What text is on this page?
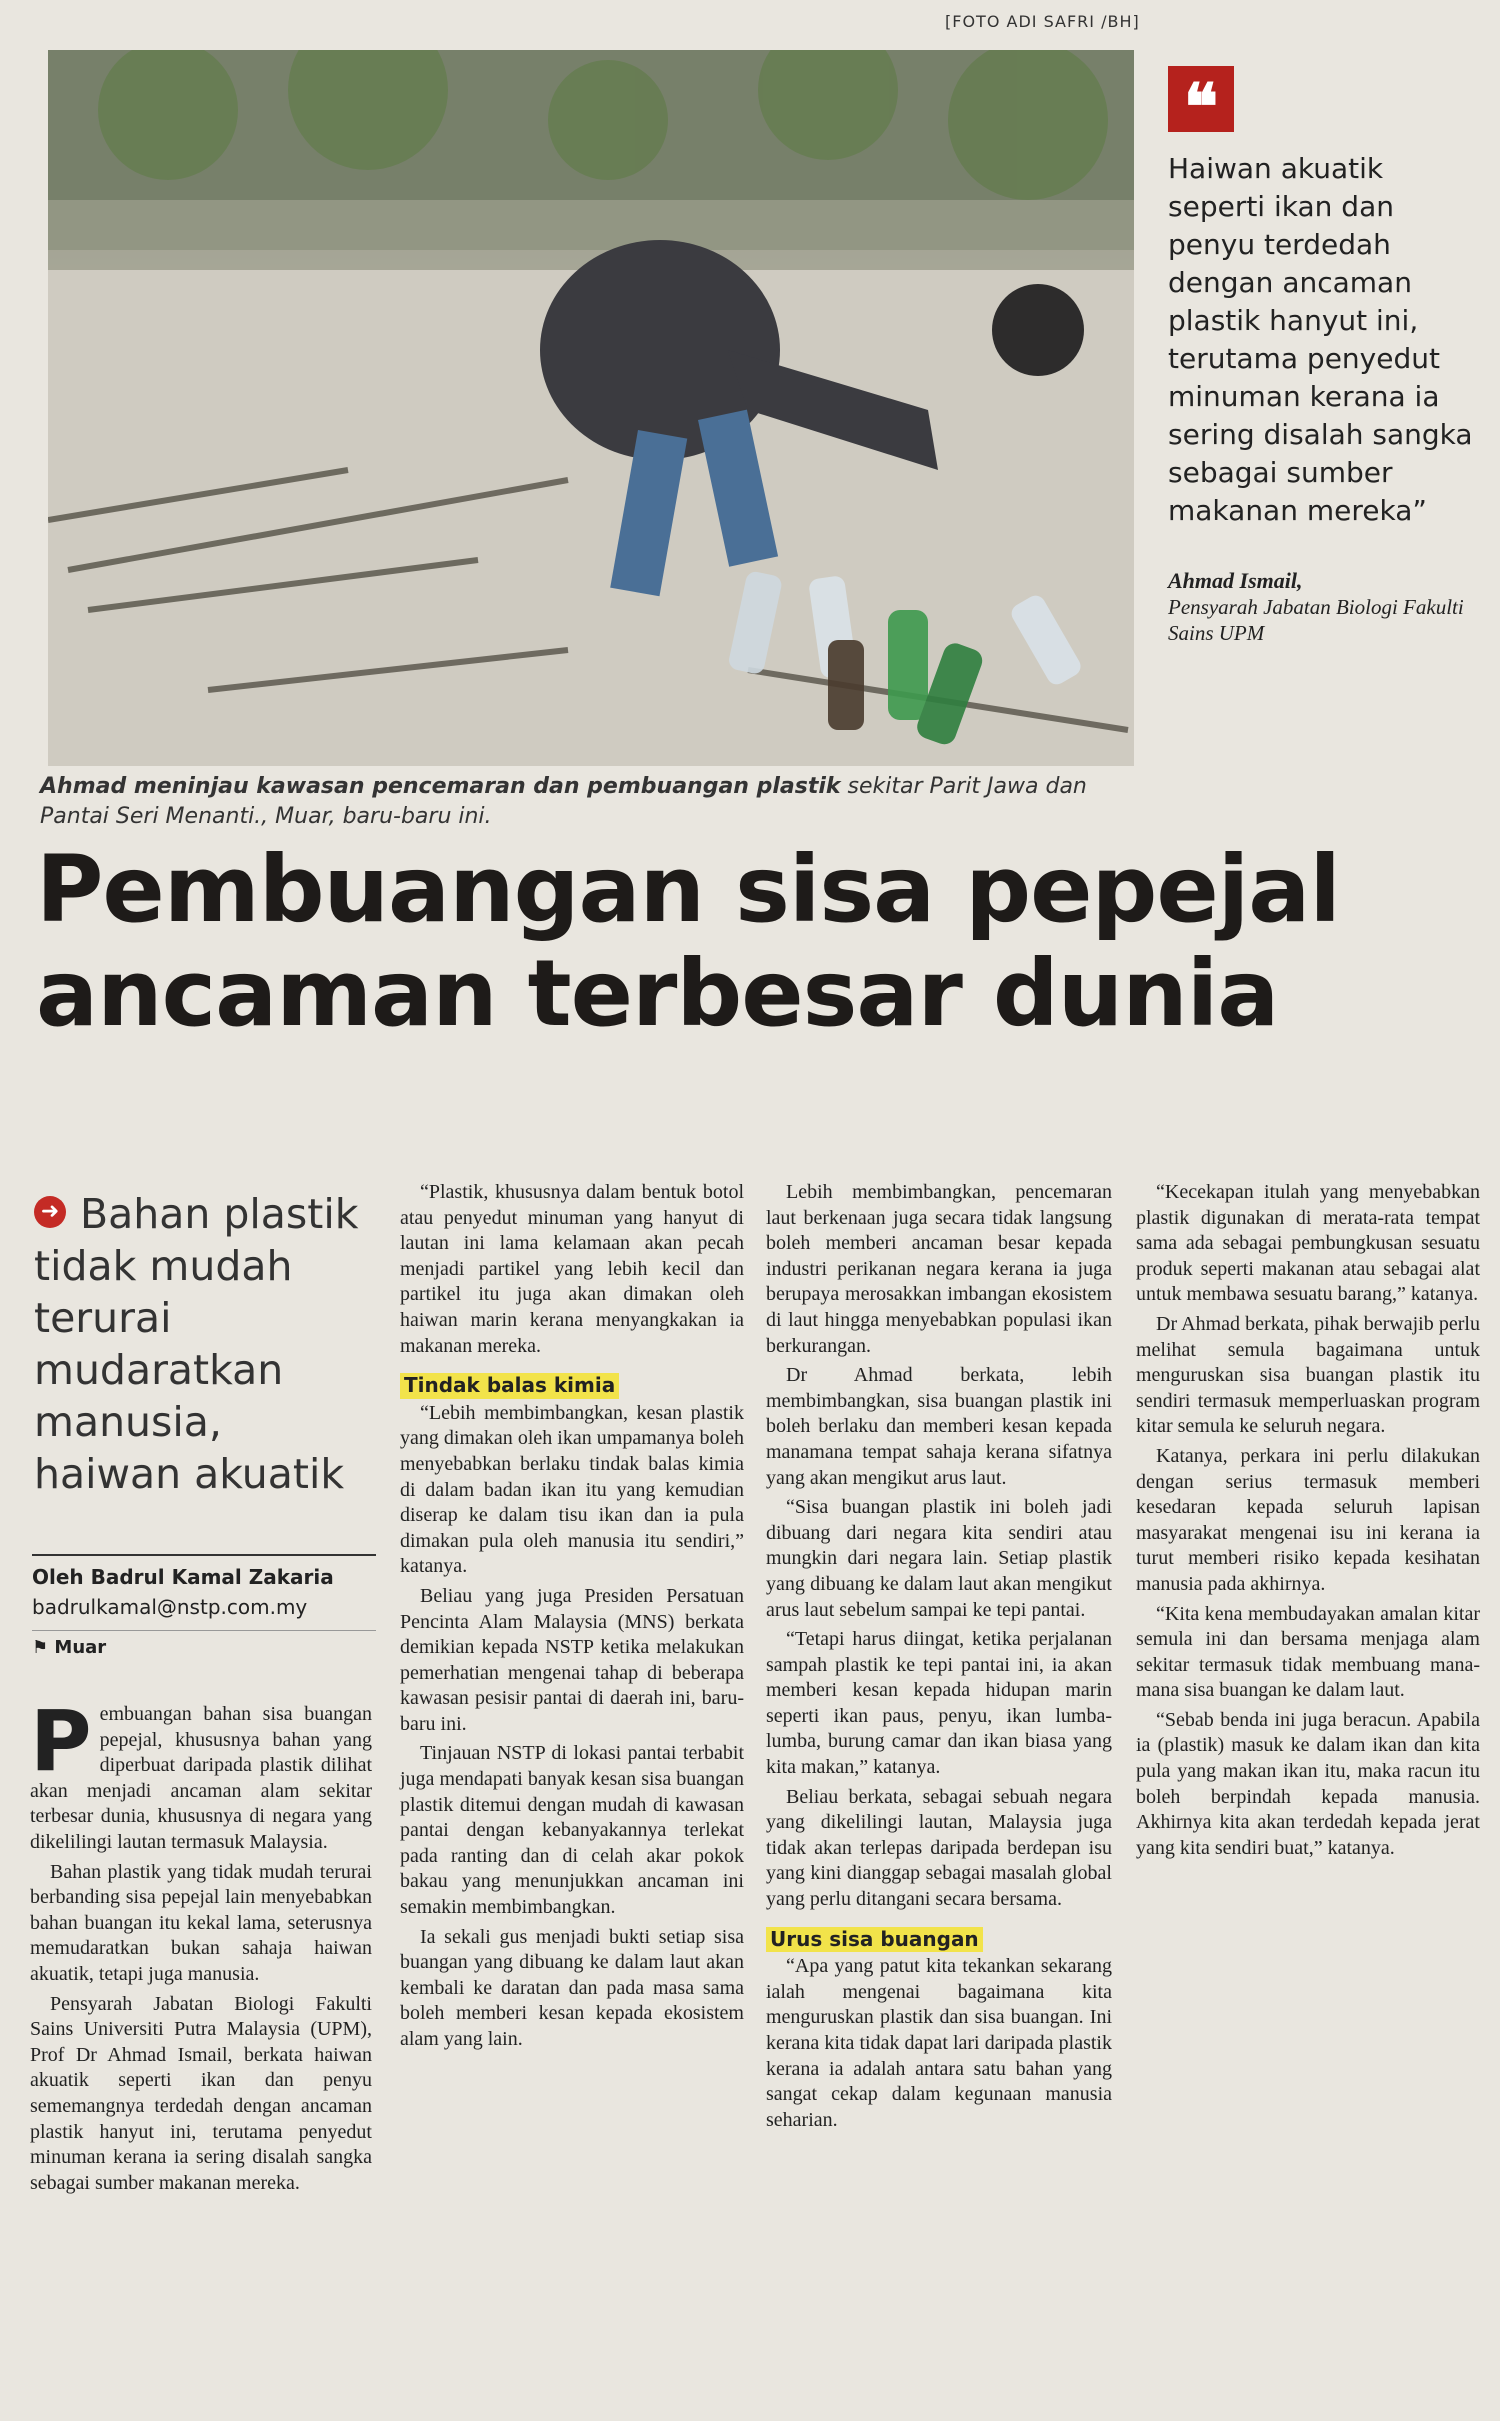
[FOTO ADI SAFRI /BH]
Ahmad meninjau kawasan pencemaran dan pembuangan plastik sekitar Parit Jawa dan Pantai Seri Menanti., Muar, baru-baru ini.
❝
Haiwan akuatik seperti ikan dan penyu terdedah dengan ancaman plastik hanyut ini, terutama penyedut minuman kerana ia sering disalah sangka sebagai sumber makanan mereka”
Ahmad Ismail,
Pensyarah Jabatan Biologi Fakulti Sains UPM
Pembuangan sisa pepejal ancaman terbesar dunia
➜ Bahan plastik tidak mudah terurai mudaratkan manusia, haiwan akuatik
Oleh Badrul Kamal Zakaria
badrulkamal@nstp.com.my
⚑ Muar

Pembuangan bahan sisa buangan pepejal, khususnya bahan yang diperbuat daripada plastik dilihat akan menjadi ancaman alam sekitar terbesar dunia, khususnya di negara yang dikelilingi lautan termasuk Malaysia.

Bahan plastik yang tidak mudah terurai berbanding sisa pepejal lain menyebabkan bahan buangan itu kekal lama, seterusnya memudaratkan bukan sahaja haiwan akuatik, tetapi juga manusia.

Pensyarah Jabatan Biologi Fakulti Sains Universiti Putra Malaysia (UPM), Prof Dr Ahmad Ismail, berkata haiwan akuatik seperti ikan dan penyu sememangnya terdedah dengan ancaman plastik hanyut ini, terutama penyedut minuman kerana ia sering disalah sangka sebagai sumber makanan mereka.

“Plastik, khususnya dalam bentuk botol atau penyedut minuman yang hanyut di lautan ini lama kelamaan akan pecah menjadi partikel yang lebih kecil dan partikel itu juga akan dimakan oleh haiwan marin kerana menyangkakan ia makanan mereka.

Tindak balas kimia

“Lebih membimbangkan, kesan plastik yang dimakan oleh ikan umpamanya boleh menyebabkan berlaku tindak balas kimia di dalam badan ikan itu yang kemudian diserap ke dalam tisu ikan dan ia pula dimakan pula oleh manusia itu sendiri,” katanya.

Beliau yang juga Presiden Persatuan Pencinta Alam Malaysia (MNS) berkata demikian kepada NSTP ketika melakukan pemerhatian mengenai tahap di beberapa kawasan pesisir pantai di daerah ini, baru-baru ini.

Tinjauan NSTP di lokasi pantai terbabit juga mendapati banyak kesan sisa buangan plastik ditemui dengan mudah di kawasan pantai dengan kebanyakannya terlekat pada ranting dan di celah akar pokok bakau yang menunjukkan ancaman ini semakin membimbangkan.

Ia sekali gus menjadi bukti setiap sisa buangan yang dibuang ke dalam laut akan kembali ke daratan dan pada masa sama boleh memberi kesan kepada ekosistem alam yang lain.

Lebih membimbangkan, pencemaran laut berkenaan juga secara tidak langsung boleh memberi ancaman besar kepada industri perikanan negara kerana ia juga berupaya merosakkan imbangan ekosistem di laut hingga menyebabkan populasi ikan berkurangan.

Dr Ahmad berkata, lebih membimbangkan, sisa buangan plastik ini boleh berlaku dan memberi kesan kepada manamana tempat sahaja kerana sifatnya yang akan mengikut arus laut.

“Sisa buangan plastik ini boleh jadi dibuang dari negara kita sendiri atau mungkin dari negara lain. Setiap plastik yang dibuang ke dalam laut akan mengikut arus laut sebelum sampai ke tepi pantai.

“Tetapi harus diingat, ketika perjalanan sampah plastik ke tepi pantai ini, ia akan memberi kesan kepada hidupan marin seperti ikan paus, penyu, ikan lumba-lumba, burung camar dan ikan biasa yang kita makan,” katanya.

Beliau berkata, sebagai sebuah negara yang dikelilingi lautan, Malaysia juga tidak akan terlepas daripada berdepan isu yang kini dianggap sebagai masalah global yang perlu ditangani secara bersama.

Urus sisa buangan

“Apa yang patut kita tekankan sekarang ialah mengenai bagaimana kita menguruskan plastik dan sisa buangan. Ini kerana kita tidak dapat lari daripada plastik kerana ia adalah antara satu bahan yang sangat cekap dalam kegunaan manusia seharian.

“Kecekapan itulah yang menyebabkan plastik digunakan di merata-rata tempat sama ada sebagai pembungkusan sesuatu produk seperti makanan atau sebagai alat untuk membawa sesuatu barang,” katanya.

Dr Ahmad berkata, pihak berwajib perlu melihat semula bagaimana untuk menguruskan sisa buangan plastik itu sendiri termasuk memperluaskan program kitar semula ke seluruh negara.

Katanya, perkara ini perlu dilakukan dengan serius termasuk memberi kesedaran kepada seluruh lapisan masyarakat mengenai isu ini kerana ia turut memberi risiko kepada kesihatan manusia pada akhirnya.

“Kita kena membudayakan amalan kitar semula ini dan bersama menjaga alam sekitar termasuk tidak membuang mana-mana sisa buangan ke dalam laut.

“Sebab benda ini juga beracun. Apabila ia (plastik) masuk ke dalam ikan dan kita pula yang makan ikan itu, maka racun itu boleh berpindah kepada manusia. Akhirnya kita akan terdedah kepada jerat yang kita sendiri buat,” katanya.
